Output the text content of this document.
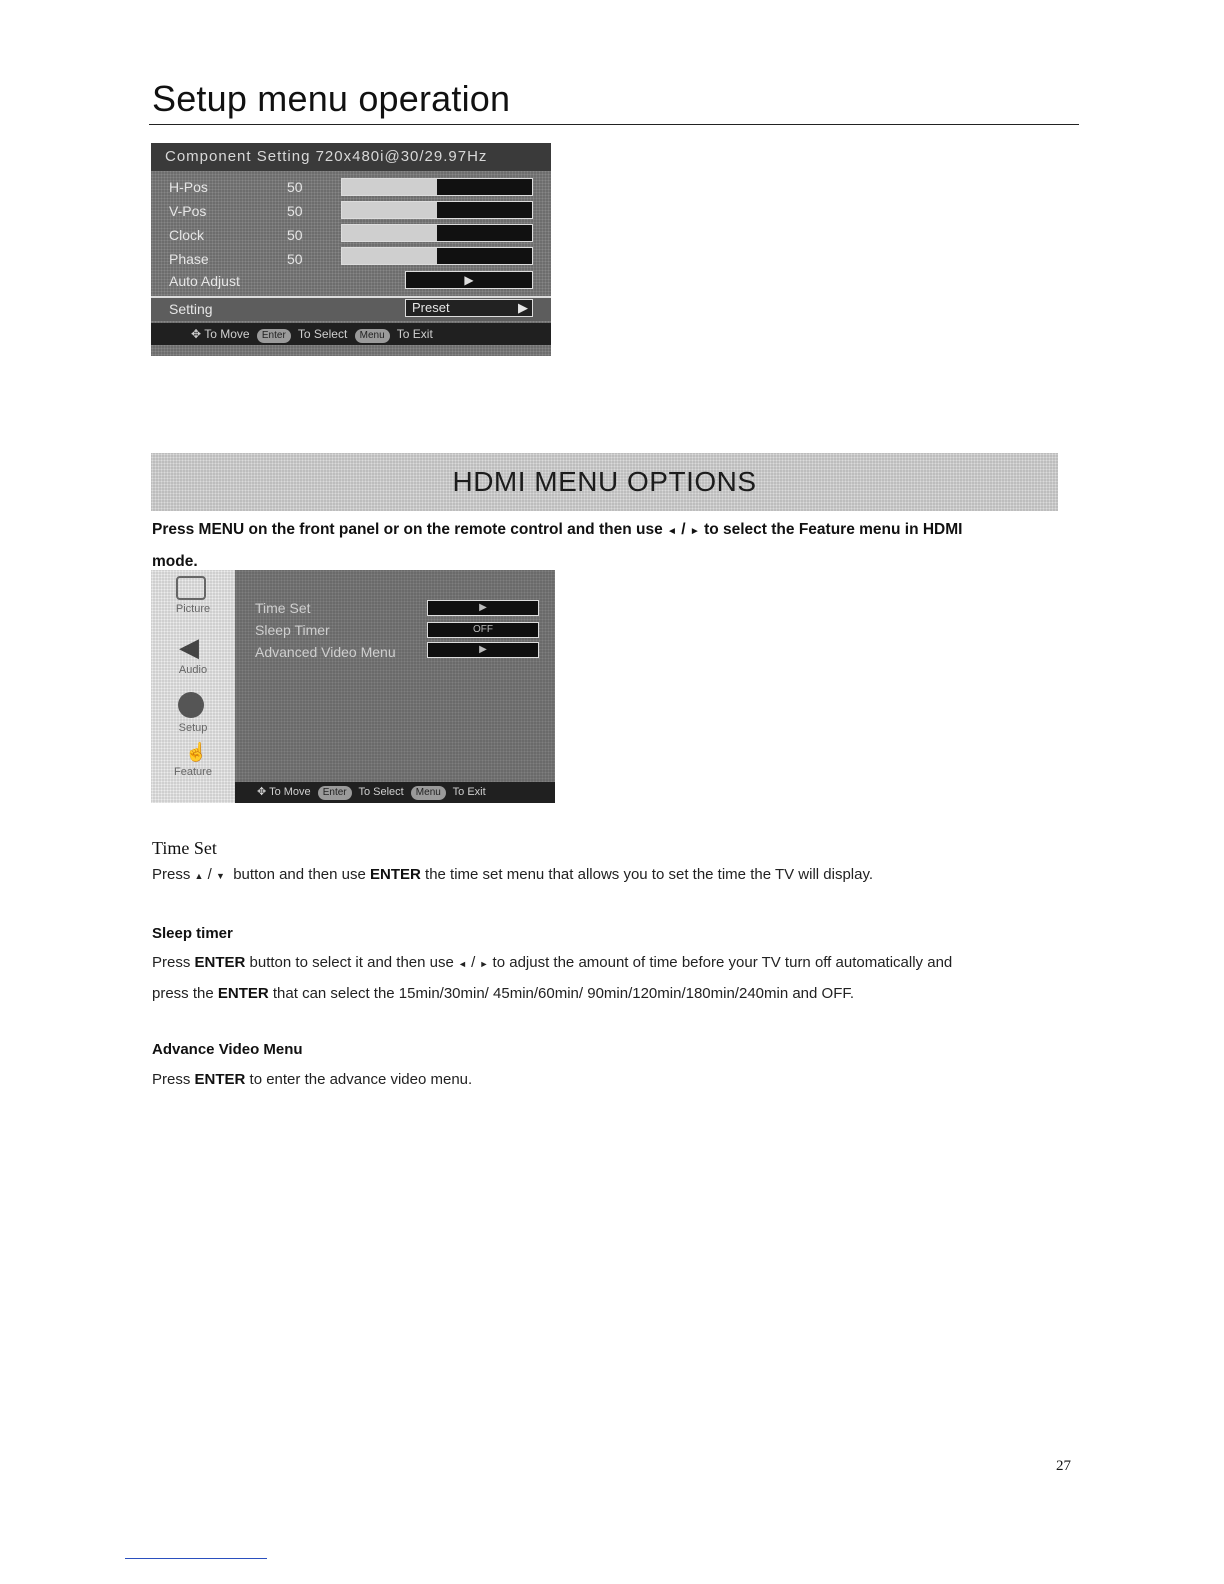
Setup menu operation
Component Setting 720x480i@30/29.97Hz
H-Pos	50
V-Pos	50
Clock	50
Phase	50
Auto Adjust	▶
Setting	Preset	▶
✥ To Move Enter To Select Menu To Exit
HDMI MENU OPTIONS
Press MENU on the front panel or on the remote control and then use ◄ / ► to select the Feature menu in HDMI
mode.
Picture
◀
Audio
Setup
☝
Feature
Time Set	▶
Sleep Timer	OFF
Advanced Video Menu	▶
✥ To Move Enter To Select Menu To Exit
Time Set
Press ▲ / ▼ button and then use ENTER the time set menu that allows you to set the time the TV will display.
Sleep timer
Press ENTER button to select it and then use ◄ / ► to adjust the amount of time before your TV turn off automatically and
press the ENTER that can select the 15min/30min/ 45min/60min/ 90min/120min/180min/240min and OFF.
Advance Video Menu
Press ENTER to enter the advance video menu.
27
